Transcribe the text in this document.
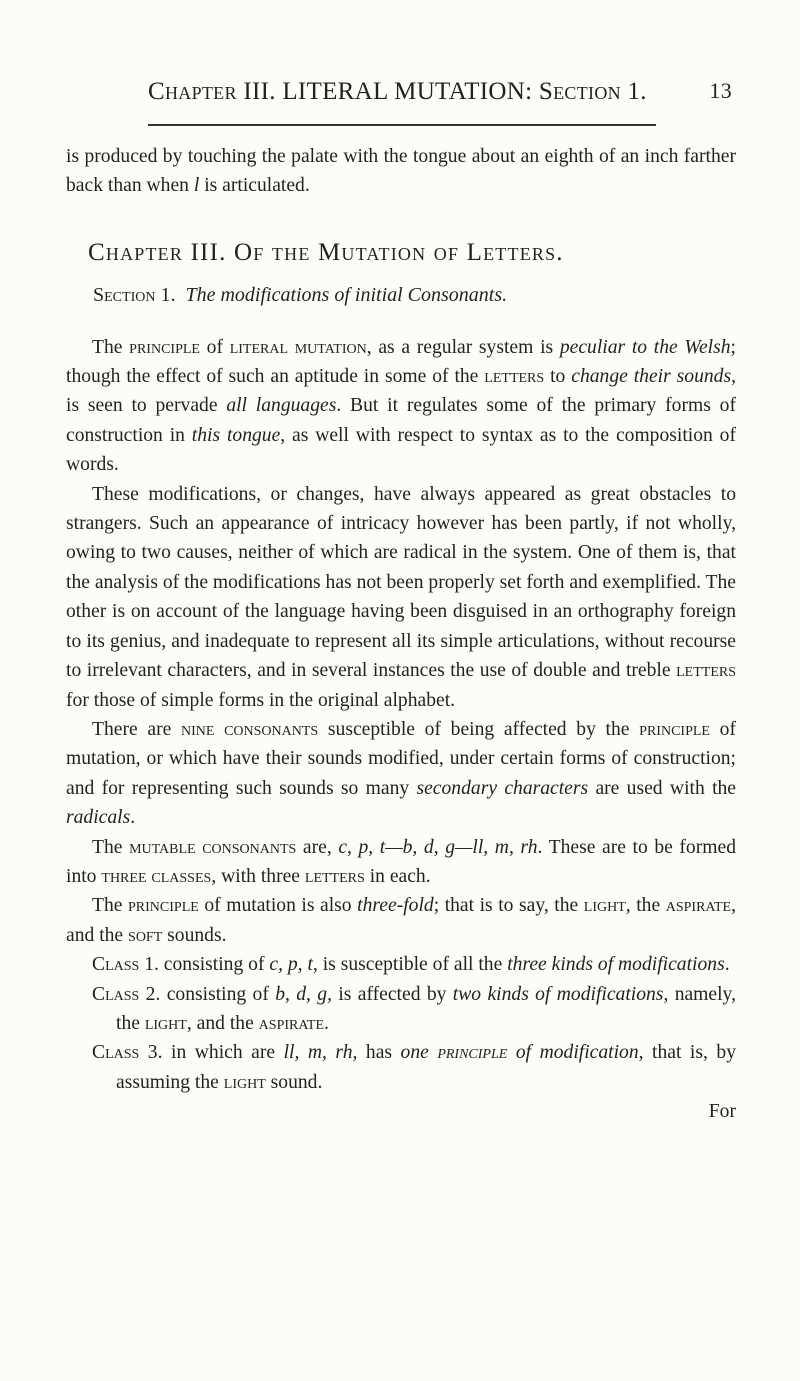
Chapter III. LITERAL MUTATION: Section 1.	13

is produced by touching the palate with the tongue about an eighth of an inch farther back than when l is articulated.

Chapter III. Of the Mutation of Letters.
Section 1. The modifications of initial Consonants.

The principle of literal mutation, as a regular system is peculiar to the Welsh; though the effect of such an aptitude in some of the letters to change their sounds, is seen to pervade all languages. But it regulates some of the primary forms of construction in this tongue, as well with respect to syntax as to the composition of words.

These modifications, or changes, have always appeared as great obstacles to strangers. Such an appearance of intricacy however has been partly, if not wholly, owing to two causes, neither of which are radical in the system. One of them is, that the analysis of the modifications has not been properly set forth and exemplified. The other is on account of the language having been disguised in an orthography foreign to its genius, and inadequate to represent all its simple articulations, without recourse to irrelevant characters, and in several instances the use of double and treble letters for those of simple forms in the original alphabet.

There are nine consonants susceptible of being affected by the principle of mutation, or which have their sounds modified, under certain forms of construction; and for representing such sounds so many secondary characters are used with the radicals.

The mutable consonants are, c, p, t—b, d, g—ll, m, rh. These are to be formed into three classes, with three letters in each.

The principle of mutation is also three-fold; that is to say, the light, the aspirate, and the soft sounds.

Class 1. consisting of c, p, t, is susceptible of all the three kinds of modifications.

Class 2. consisting of b, d, g, is affected by two kinds of modifications, namely, the light, and the aspirate.

Class 3. in which are ll, m, rh, has one principle of modification, that is, by assuming the light sound.

For
